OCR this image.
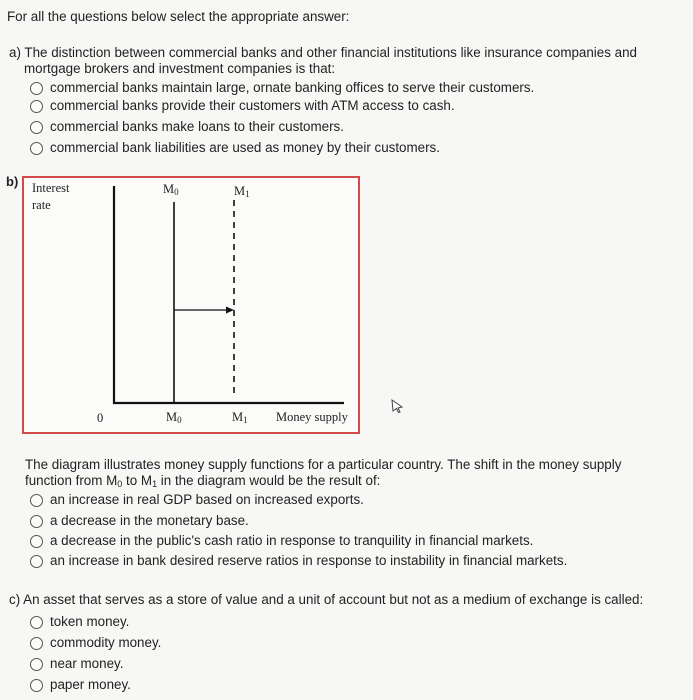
For all the questions below select the appropriate answer:
a) The distinction between commercial banks and other financial institutions like insurance companies and
mortgage brokers and investment companies is that:
commercial banks maintain large, ornate banking offices to serve their customers.
commercial banks provide their customers with ATM access to cash.
commercial banks make loans to their customers.
commercial bank liabilities are used as money by their customers.
b) Interest
rate
$M_0$	$M_1$
0	$M_0$	$M_1$ Money supply
The diagram illustrates money supply functions for a particular country. The shift in the money supply
function from $M_0$ to $M_1$ in the diagram would be the result of:
an increase in real GDP based on increased exports.
a decrease in the monetary base.
a decrease in the public's cash ratio in response to tranquility in financial markets.
an increase in bank desired reserve ratios in response to instability in financial markets.
c) An asset that serves as a store of value and a unit of account but not as a medium of exchange is called:
token money.
commodity money.
near money.
paper money.
